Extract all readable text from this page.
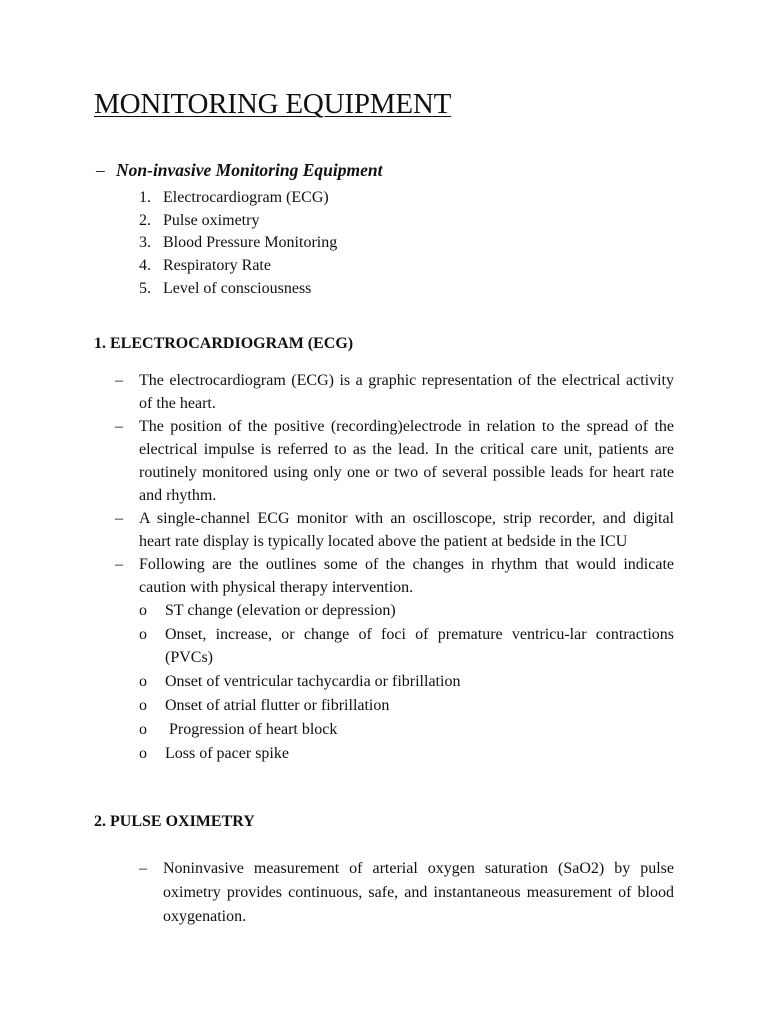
MONITORING EQUIPMENT
– Non-invasive Monitoring Equipment
1. Electrocardiogram (ECG)
2. Pulse oximetry
3. Blood Pressure Monitoring
4. Respiratory Rate
5. Level of consciousness
1. ELECTROCARDIOGRAM (ECG)
– The electrocardiogram (ECG) is a graphic representation of the electrical activity of the heart.
– The position of the positive (recording)electrode in relation to the spread of the electrical impulse is referred to as the lead. In the critical care unit, patients are routinely monitored using only one or two of several possible leads for heart rate and rhythm.
– A single-channel ECG monitor with an oscilloscope, strip recorder, and digital heart rate display is typically located above the patient at bedside in the ICU
– Following are the outlines some of the changes in rhythm that would indicate caution with physical therapy intervention.
o ST change (elevation or depression)
o Onset, increase, or change of foci of premature ventricu-lar contractions (PVCs)
o Onset of ventricular tachycardia or fibrillation
o Onset of atrial flutter or fibrillation
o Progression of heart block
o Loss of pacer spike
2. PULSE OXIMETRY
– Noninvasive measurement of arterial oxygen saturation (SaO2) by pulse oximetry provides continuous, safe, and instantaneous measurement of blood oxygenation.
